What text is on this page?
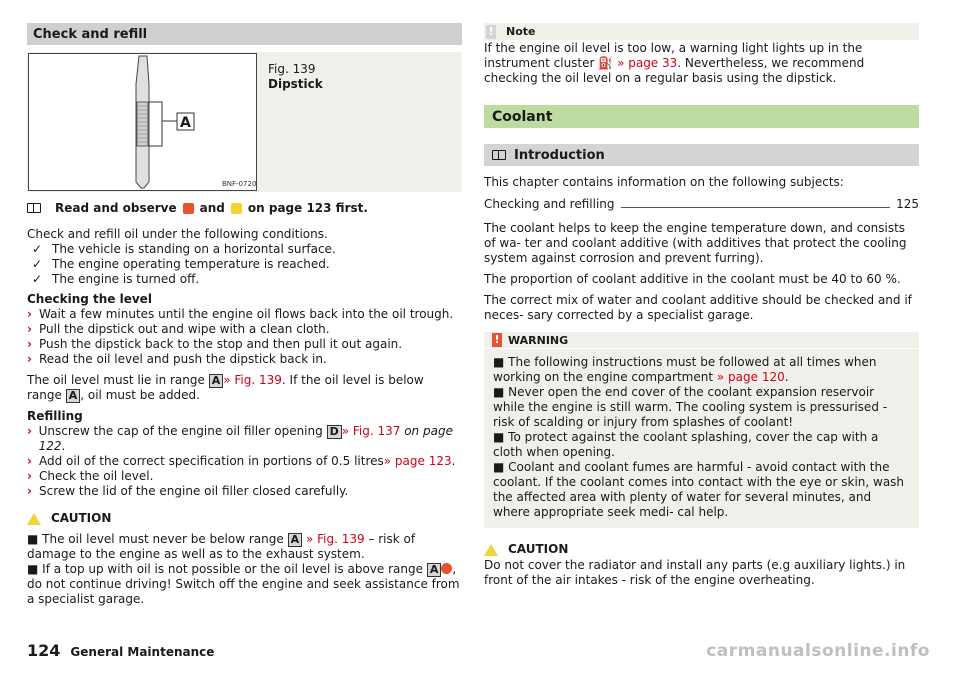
Check and refill
A
BNF-0720
Fig. 139
Dipstick
Read and observe and on page 123 first.

Check and refill oil under the following conditions.

✓ The vehicle is standing on a horizontal surface.
✓ The engine operating temperature is reached.
✓ The engine is turned off.
Checking the level
› Wait a few minutes until the engine oil flows back into the oil trough.
› Pull the dipstick out and wipe with a clean cloth.
› Push the dipstick back to the stop and then pull it out again.
› Read the oil level and push the dipstick back in.

The oil level must lie in range A » Fig. 139. If the oil level is below range A , oil must be added.

Refilling
› Unscrew the cap of the engine oil filler opening D » Fig. 137 on page 122.
› Add oil of the correct specification in portions of 0.5 litres» page 123.
› Check the oil level.
› Screw the lid of the engine oil filler closed carefully.
CAUTION

■ The oil level must never be below range A » Fig. 139 – risk of damage to the engine as well as to the exhaust system.

■ If a top up with oil is not possible or the oil level is above range A , do not continue driving! Switch off the engine and seek assistance from a specialist garage.

! Note

If the engine oil level is too low, a warning light lights up in the instrument cluster ⛽ » page 33. Nevertheless, we recommend checking the oil level on a regular basis using the dipstick.

Coolant
Introduction

This chapter contains information on the following subjects:

Checking and refilling	125

The coolant helps to keep the engine temperature down, and consists of wa- ter and coolant additive (with additives that protect the cooling system against corrosion and prevent furring).

The proportion of coolant additive in the coolant must be 40 to 60 %.

The correct mix of water and coolant additive should be checked and if neces- sary corrected by a specialist garage.

! WARNING

■ The following instructions must be followed at all times when working on the engine compartment » page 120.

■ Never open the end cover of the coolant expansion reservoir while the engine is still warm. The cooling system is pressurised - risk of scalding or injury from splashes of coolant!

■ To protect against the coolant splashing, cover the cap with a cloth when opening.

■ Coolant and coolant fumes are harmful - avoid contact with the coolant. If the coolant comes into contact with the eye or skin, wash the affected area with plenty of water for several minutes, and where appropriate seek medi- cal help.

CAUTION

Do not cover the radiator and install any parts (e.g auxiliary lights.) in front of the air intakes - risk of the engine overheating.

124 General Maintenance	carmanualsonline.info
